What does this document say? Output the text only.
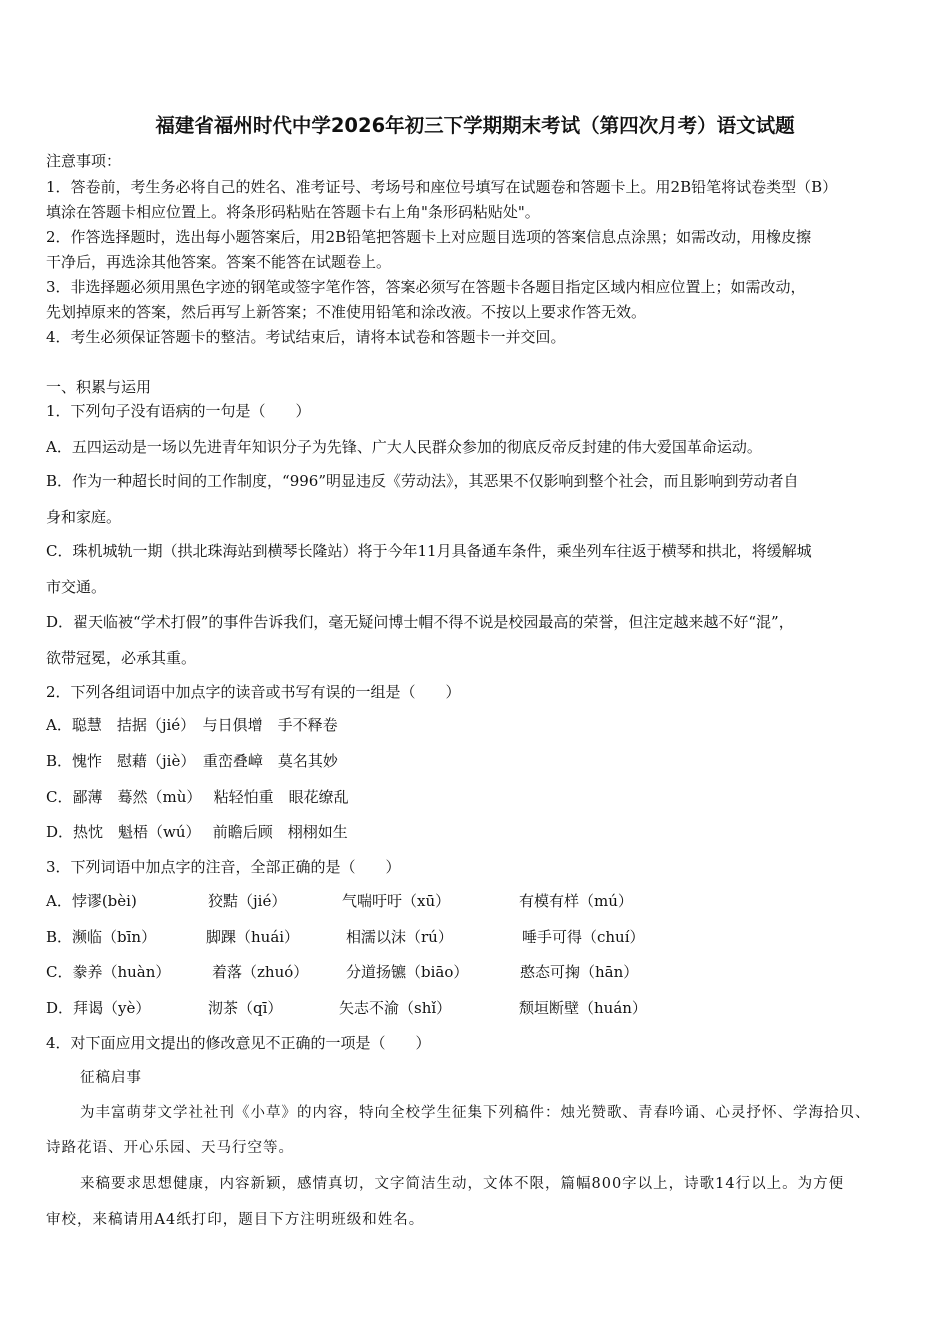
福建省福州时代中学2026年初三下学期期末考试（第四次月考）语文试题
注意事项：
1．答卷前，考生务必将自己的姓名、准考证号、考场号和座位号填写在试题卷和答题卡上。用2B铅笔将试卷类型（B）
填涂在答题卡相应位置上。将条形码粘贴在答题卡右上角"条形码粘贴处"。
2．作答选择题时，选出每小题答案后，用2B铅笔把答题卡上对应题目选项的答案信息点涂黑；如需改动，用橡皮擦
干净后，再选涂其他答案。答案不能答在试题卷上。
3．非选择题必须用黑色字迹的钢笔或签字笔作答，答案必须写在答题卡各题目指定区域内相应位置上；如需改动，
先划掉原来的答案，然后再写上新答案；不准使用铅笔和涂改液。不按以上要求作答无效。
4．考生必须保证答题卡的整洁。考试结束后，请将本试卷和答题卡一并交回。
一、积累与运用
1．下列句子没有语病的一句是（　　）
A．五四运动是一场以先进青年知识分子为先锋、广大人民群众参加的彻底反帝反封建的伟大爱国革命运动。
B．作为一种超长时间的工作制度，“996”明显违反《劳动法》，其恶果不仅影响到整个社会，而且影响到劳动者自
身和家庭。
C．珠机城轨一期（拱北珠海站到横琴长隆站）将于今年11月具备通车条件，乘坐列车往返于横琴和拱北，将缓解城
市交通。
D．翟天临被“学术打假”的事件告诉我们，毫无疑问博士帽不得不说是校园最高的荣誉，但注定越来越不好“混”，
欲带冠冕，必承其重。
2．下列各组词语中加点字的读音或书写有误的一组是（　　）
A．聪慧　拮据（jié）　与日俱增　手不释卷
B．愧怍　慰藉（jiè）　重峦叠嶂　莫名其妙
C．鄙薄　蓦然（mù）　 粘轻怕重　眼花缭乱
D．热忱　魁梧（wú）　 前瞻后顾　栩栩如生
3．下列词语中加点字的注音，全部正确的是（　　）
A．悖谬(bèi)	狡黠（jié）	气喘吁吁（xū）	有模有样（mú）
B．濒临（bīn）	脚踝（huái）	相濡以沫（rú）	唾手可得（chuí）
C．豢养（huàn）	着落（zhuó）	分道扬镳（biāo）	憨态可掬（hān）
D．拜谒（yè）	沏茶（qī）	矢志不渝（shǐ）	颓垣断壁（huán）
4．对下面应用文提出的修改意见不正确的一项是（　　）
征稿启事
为丰富萌芽文学社社刊《小草》的内容，特向全校学生征集下列稿件：烛光赞歌、青春吟诵、心灵抒怀、学海拾贝、
诗路花语、开心乐园、天马行空等。
来稿要求思想健康，内容新颖，感情真切，文字简洁生动，文体不限，篇幅800字以上，诗歌14行以上。为方便
审校，来稿请用A4纸打印，题目下方注明班级和姓名。
